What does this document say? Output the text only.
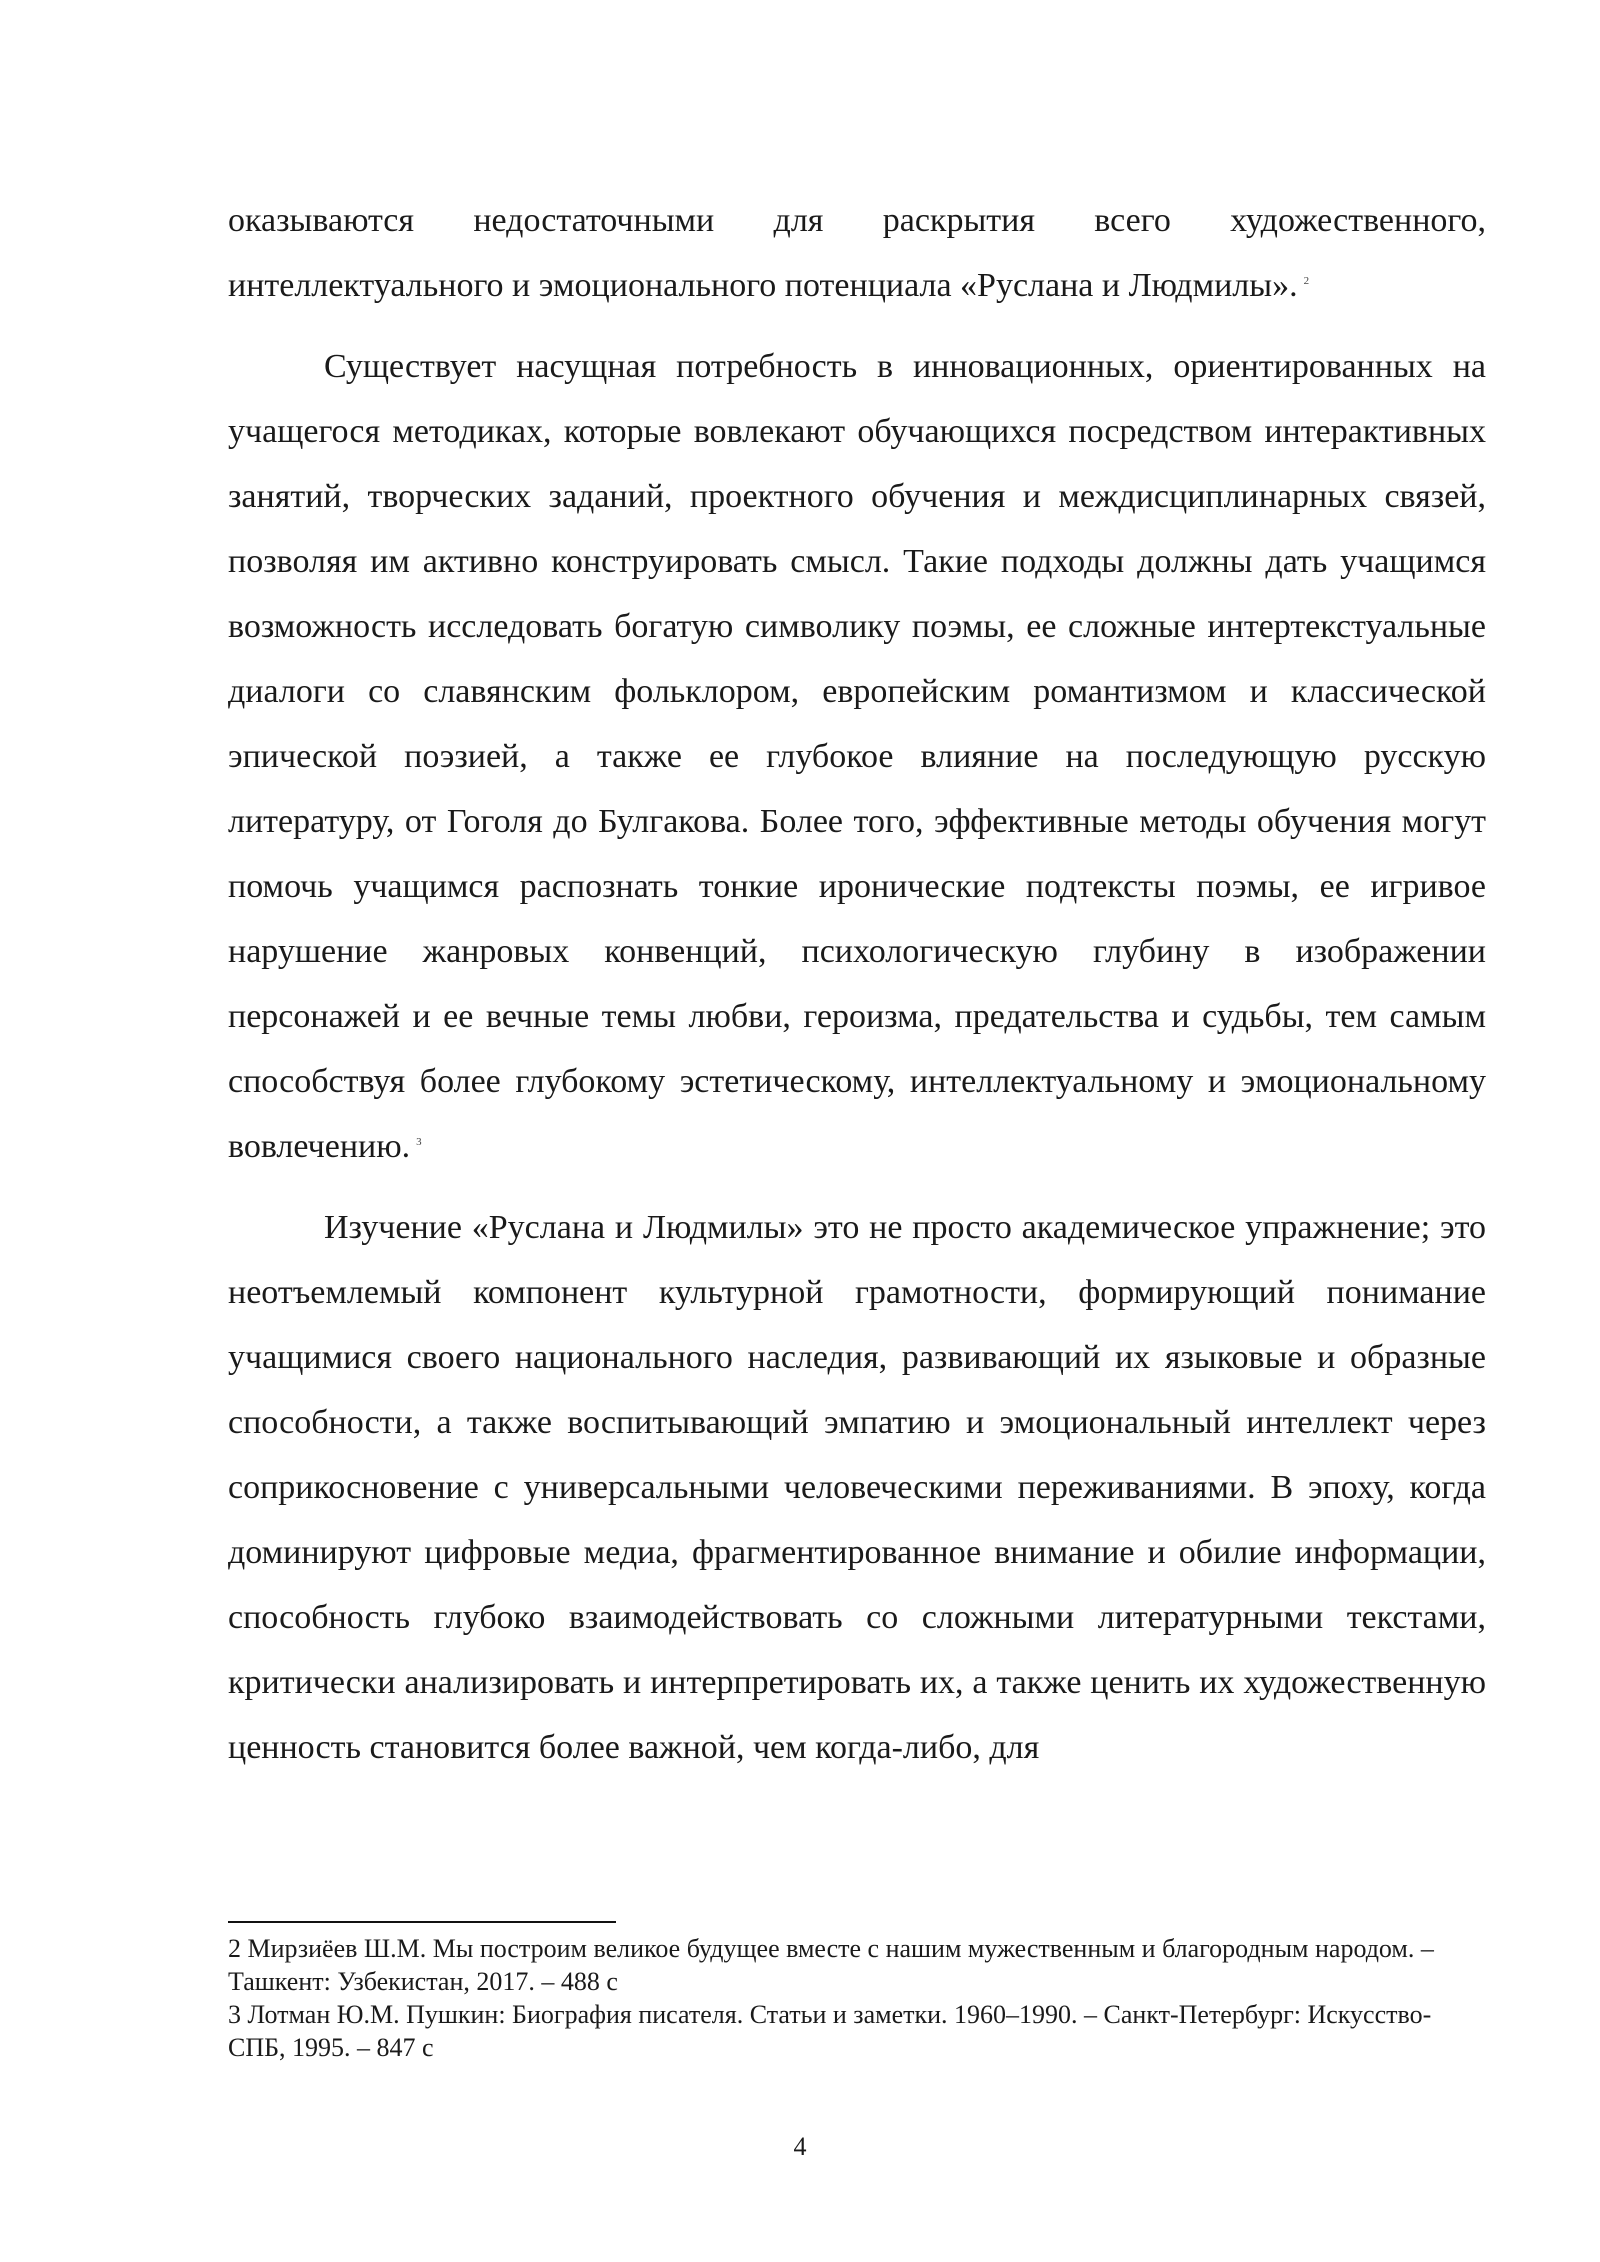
оказываются недостаточными для раскрытия всего художественного, интеллектуального и эмоционального потенциала «Руслана и Людмилы». $^2$

Существует насущная потребность в инновационных, ориентированных на учащегося методиках, которые вовлекают обучающихся посредством интерактивных занятий, творческих заданий, проектного обучения и междисциплинарных связей, позволяя им активно конструировать смысл. Такие подходы должны дать учащимся возможность исследовать богатую символику поэмы, ее сложные интертекстуальные диалоги со славянским фольклором, европейским романтизмом и классической эпической поэзией, а также ее глубокое влияние на последующую русскую литературу, от Гоголя до Булгакова. Более того, эффективные методы обучения могут помочь учащимся распознать тонкие иронические подтексты поэмы, ее игривое нарушение жанровых конвенций, психологическую глубину в изображении персонажей и ее вечные темы любви, героизма, предательства и судьбы, тем самым способствуя более глубокому эстетическому, интеллектуальному и эмоциональному вовлечению. $^3$

Изучение «Руслана и Людмилы» это не просто академическое упражнение; это неотъемлемый компонент культурной грамотности, формирующий понимание учащимися своего национального наследия, развивающий их языковые и образные способности, а также воспитывающий эмпатию и эмоциональный интеллект через соприкосновение с универсальными человеческими переживаниями. В эпоху, когда доминируют цифровые медиа, фрагментированное внимание и обилие информации, способность глубоко взаимодействовать со сложными литературными текстами, критически анализировать и интерпретировать их, а также ценить их художественную ценность становится более важной, чем когда-либо, для

2 Мирзиёев Ш.М. Мы построим великое будущее вместе с нашим мужественным и благородным народом. – Ташкент: Узбекистан, 2017. – 488 с

3 Лотман Ю.М. Пушкин: Биография писателя. Статьи и заметки. 1960–1990. – Санкт-Петербург: Искусство-СПБ, 1995. – 847 с

4
